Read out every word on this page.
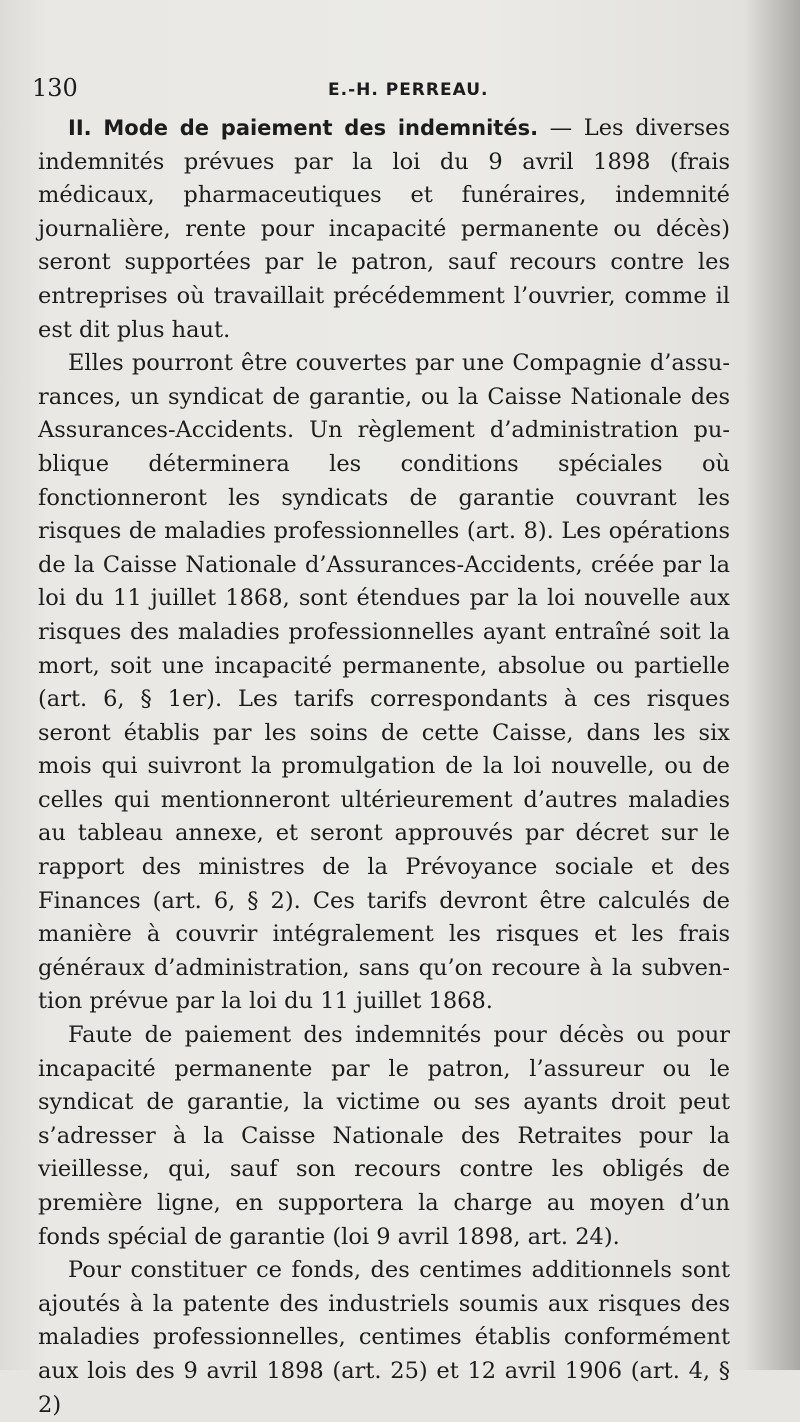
130	E.-H. PERREAU.

II. Mode de paiement des indemnités. — Les diverses indemnités prévues par la loi du 9 avril 1898 (frais médicaux, pharmaceutiques et funéraires, indemnité journalière, rente pour incapacité permanente ou décès) seront supportées par le patron, sauf recours contre les entreprises où travaillait précédemment l’ouvrier, comme il est dit plus haut.

Elles pourront être couvertes par une Compagnie d’assurances, un syndicat de garantie, ou la Caisse Nationale des Assurances-Accidents. Un règlement d’administration publique déterminera les conditions spéciales où fonctionneront les syndicats de garantie couvrant les risques de maladies professionnelles (art. 8). Les opérations de la Caisse Nationale d’Assurances-Accidents, créée par la loi du 11 juillet 1868, sont étendues par la loi nouvelle aux risques des maladies professionnelles ayant entraîné soit la mort, soit une incapacité permanente, absolue ou partielle (art. 6, § 1er). Les tarifs correspondants à ces risques seront établis par les soins de cette Caisse, dans les six mois qui suivront la promulgation de la loi nouvelle, ou de celles qui mentionneront ultérieurement d’autres maladies au tableau annexe, et seront approuvés par décret sur le rapport des ministres de la Prévoyance sociale et des Finances (art. 6, § 2). Ces tarifs devront être calculés de manière à couvrir intégralement les risques et les frais généraux d’administration, sans qu’on recoure à la subvention prévue par la loi du 11 juillet 1868.

Faute de paiement des indemnités pour décès ou pour incapacité permanente par le patron, l’assureur ou le syndicat de garantie, la victime ou ses ayants droit peut s’adresser à la Caisse Nationale des Retraites pour la vieillesse, qui, sauf son recours contre les obligés de première ligne, en supportera la charge au moyen d’un fonds spécial de garantie (loi 9 avril 1898, art. 24).

Pour constituer ce fonds, des centimes additionnels sont ajoutés à la patente des industriels soumis aux risques des maladies professionnelles, centimes établis conformément aux lois des 9 avril 1898 (art. 25) et 12 avril 1906 (art. 4, § 2)
